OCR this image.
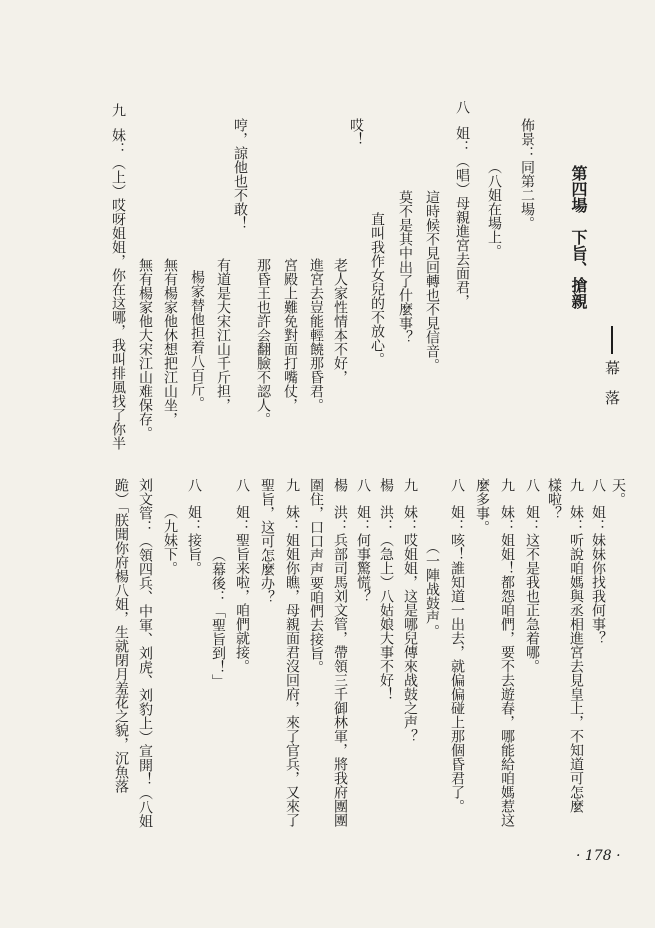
幕　落
第四場　下旨、搶親
佈景：同第二場。
（八姐在場上。
八
姐：（唱）母親進宮去面君，
這時候不見回轉也不見信音。
莫不是其中出了什麼事？
直叫我作女兒的不放心。
哎！
老人家性情本不好，
進宮去豈能輕饒那昏君。
宮殿上難免對面打嘴仗，
那昏王也許会翻臉不認人。
哼，諒他也不敢！
有道是大宋江山千斤担，
楊家替他担着八百斤。
無有楊家他休想把江山坐，
無有楊家他大宋江山难保存。
九
妹：（上）哎呀姐姐，你在这哪，我叫排風找了你半
天。
八
姐：妹妹你找我何事？
九
妹：听說咱媽與丞相進宮去見皇上，不知道可怎麼
樣啦？
八
姐：这不是我也正急着哪。
九
妹：姐姐！都怨咱們，要不去遊春，哪能給咱媽惹这
麼多事。
八
姐：咳！誰知道一出去，就偏偏碰上那個昏君了。
（一陣战鼓声。
九
妹：哎姐姐，这是哪兒傳來战鼓之声？
楊
洪：（急上）八姑娘大事不好！
八
姐：何事驚慌？
楊
洪：兵部司馬刘文管，帶領三千御林軍，將我府團團
圍住，口口声声要咱們去接旨。
九
妹：姐姐你瞧，母親面君沒回府，來了官兵，又來了
聖旨，这可怎麼办？
八
姐：聖旨来啦，咱們就接。
（幕後：「聖旨到！」
八
姐：接旨。
（九妹下。
刘文管：（領四兵、中軍、刘虎、刘豹上）宣開！（八姐
跪）「朕聞你府楊八姐，生就閉月羞花之貌，沉魚落
· 178 ·
